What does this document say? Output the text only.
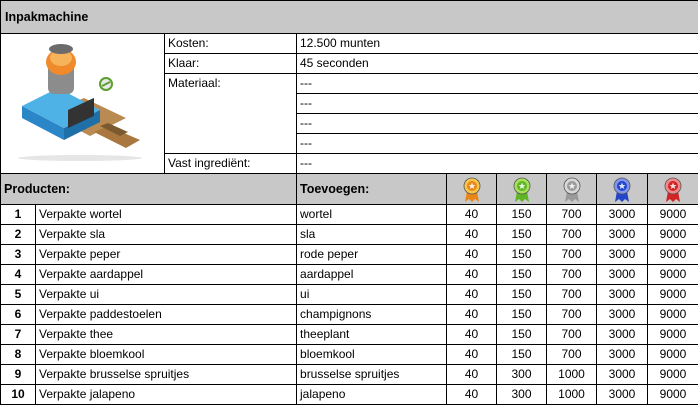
Inpakmachine		
	Kosten:	12.500 munten
	Klaar:	45 seconden
	Materiaal:	---
		---
		---
		---
	Vast ingrediënt:	---
Producten:		Toevoegen:					
1	Verpakte wortel	wortel	40	150	700	3000	9000
2	Verpakte sla	sla	40	150	700	3000	9000
3	Verpakte peper	rode peper	40	150	700	3000	9000
4	Verpakte aardappel	aardappel	40	150	700	3000	9000
5	Verpakte ui	ui	40	150	700	3000	9000
6	Verpakte paddestoelen	champignons	40	150	700	3000	9000
7	Verpakte thee	theeplant	40	150	700	3000	9000
8	Verpakte bloemkool	bloemkool	40	150	700	3000	9000
9	Verpakte brusselse spruitjes	brusselse spruitjes	40	300	1000	3000	9000
10	Verpakte jalapeno	jalapeno	40	300	1000	3000	9000
